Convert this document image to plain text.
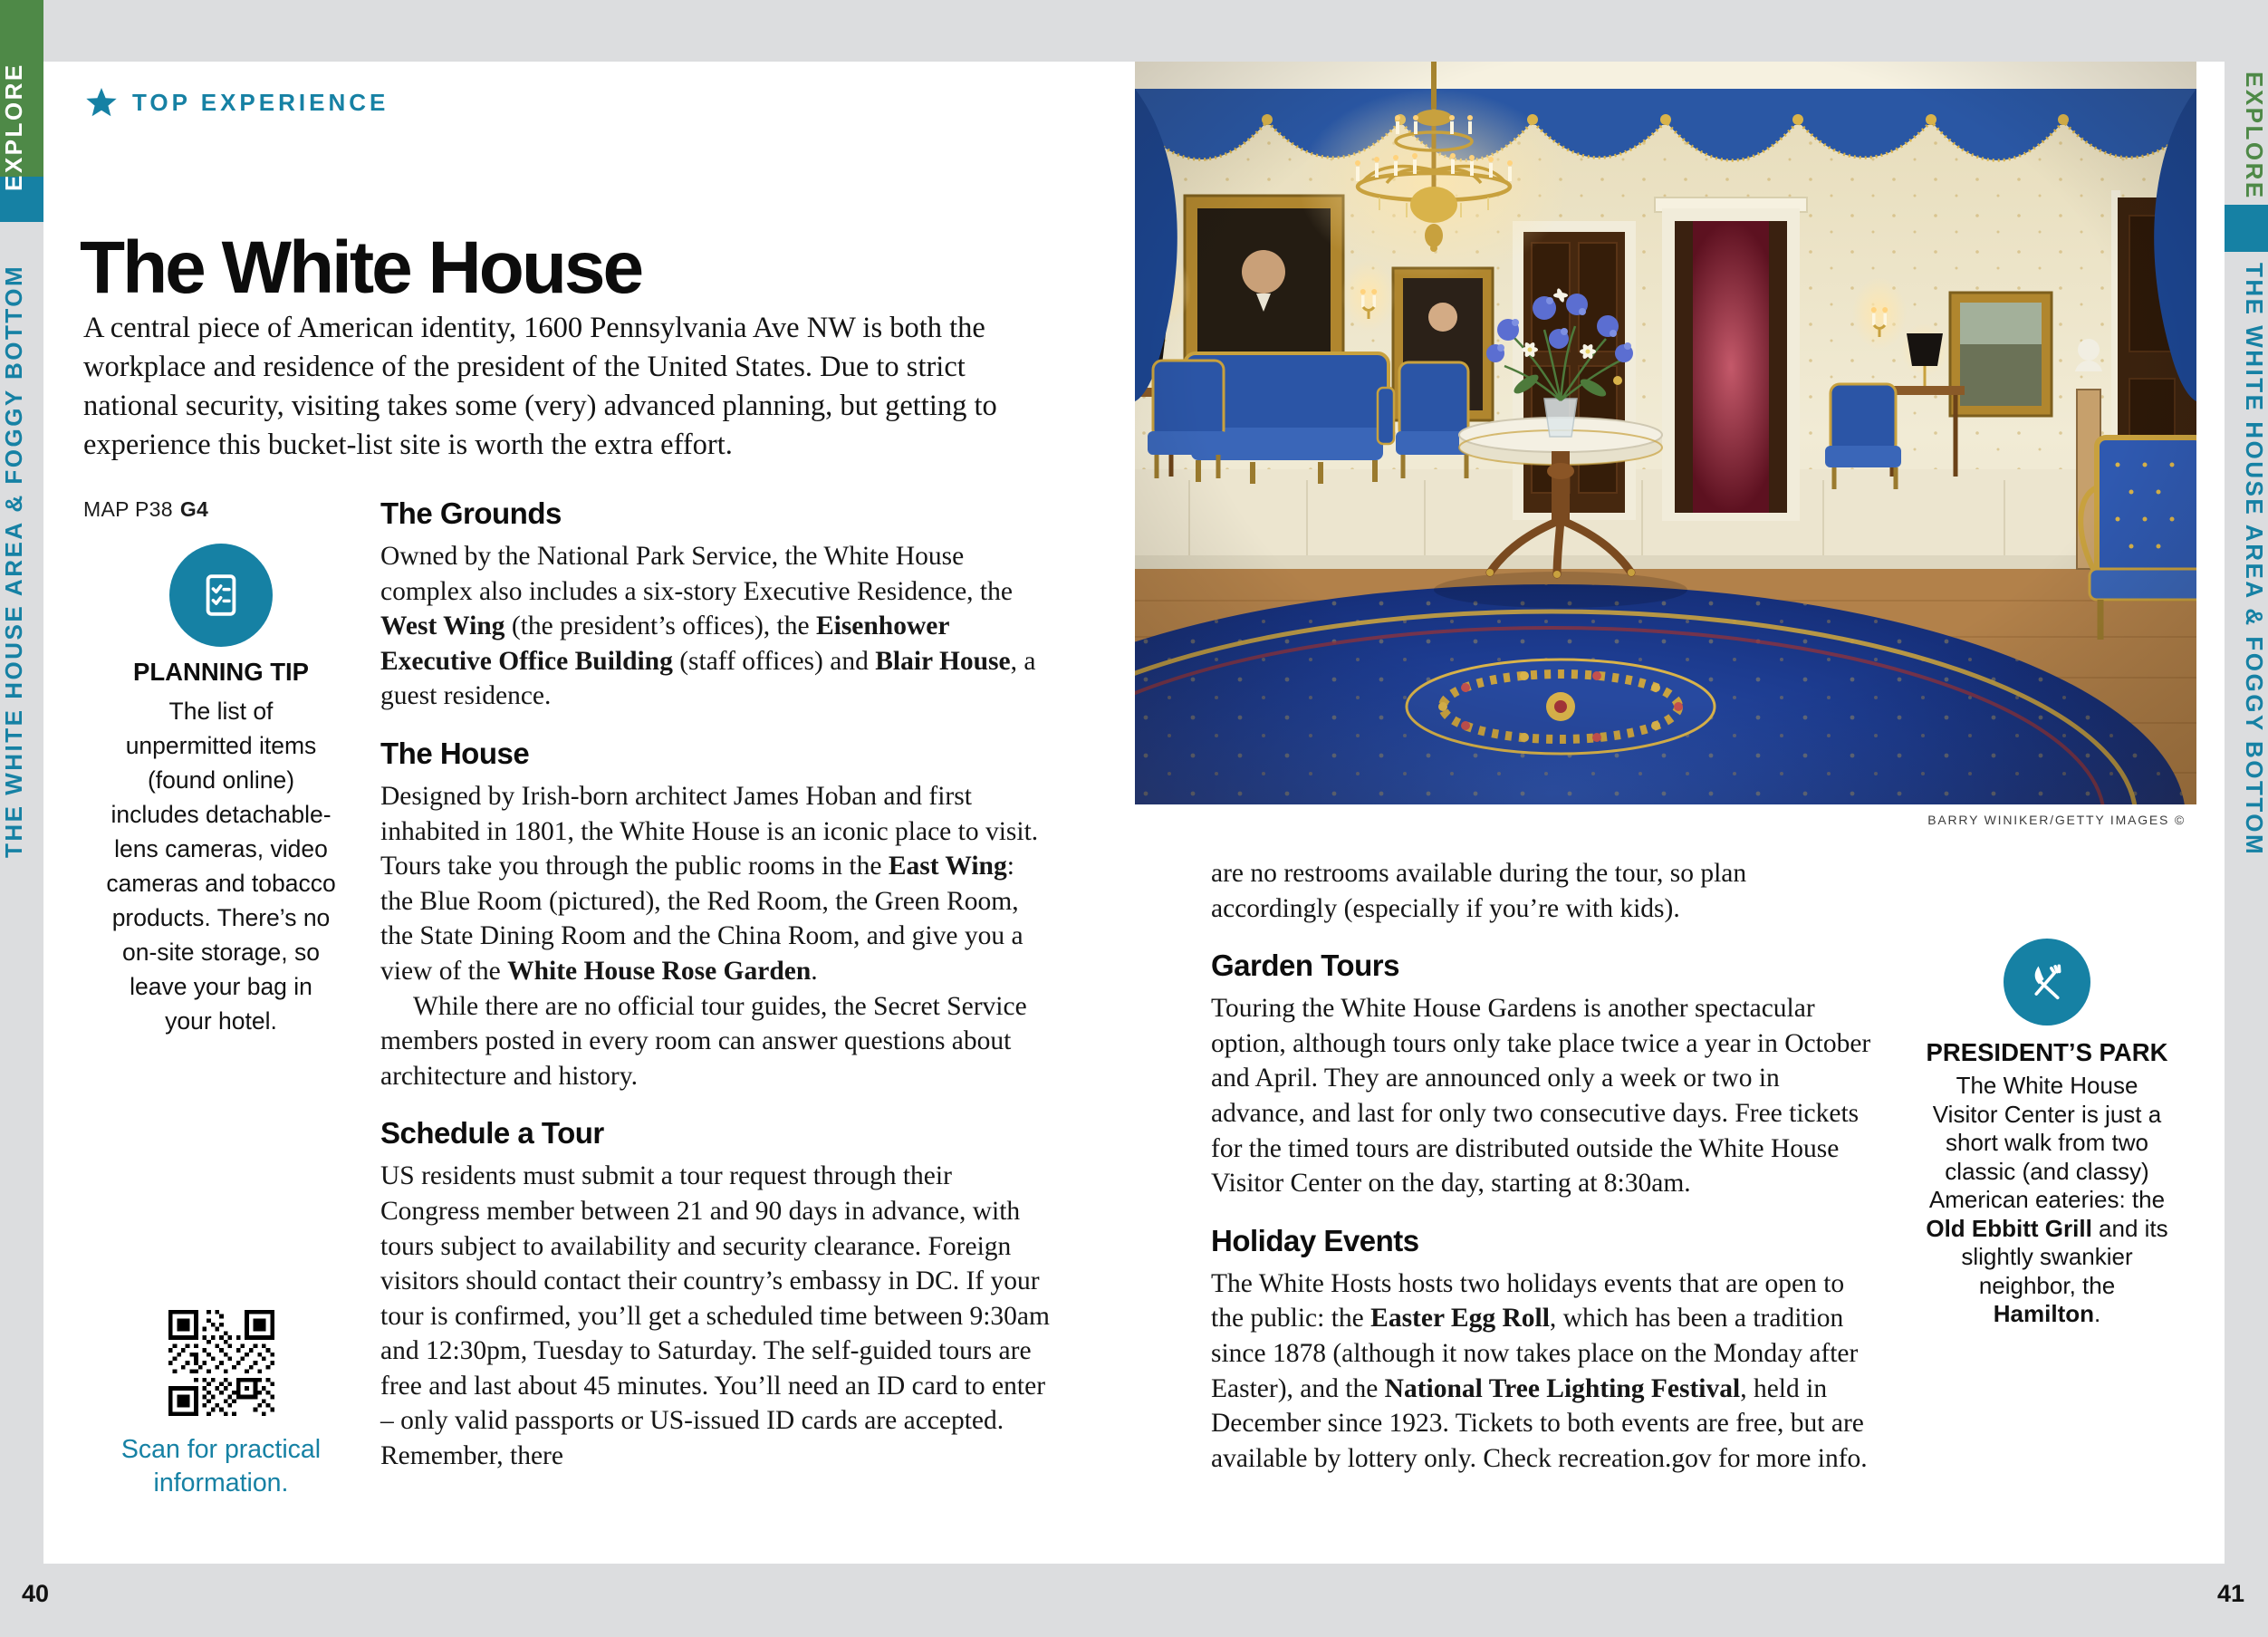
EXPLORE
THE WHITE HOUSE AREA & FOGGY BOTTOM
EXPLORE
THE WHITE HOUSE AREA & FOGGY BOTTOM
40	41
TOP EXPERIENCE
The White House

A central piece of American identity, 1600 Pennsylvania Ave NW is both the workplace and residence of the president of the United States. Due to strict national security, visiting takes some (very) advanced planning, but getting to experience this bucket-list site is worth the extra effort.

MAP P38 G4
PLANNING TIP
The list of unpermitted items (found online) includes detachable-lens cameras, video cameras and tobacco products. There’s no on-site storage, so leave your bag in your hotel.
Scan for practical information.
The Grounds

Owned by the National Park Service, the White House complex also includes a six-story Executive Residence, the West Wing (the president’s offices), the Eisenhower Executive Office Building (staff offices) and Blair House, a guest residence.

The House

Designed by Irish-born architect James Hoban and first inhabited in 1801, the White House is an iconic place to visit. Tours take you through the public rooms in the East Wing: the Blue Room (pictured), the Red Room, the Green Room, the State Dining Room and the China Room, and give you a view of the White House Rose Garden.

While there are no official tour guides, the Secret Service members posted in every room can answer questions about architecture and history.

Schedule a Tour

US residents must submit a tour request through their Congress member between 21 and 90 days in advance, with tours subject to availability and security clearance. Foreign visitors should contact their country’s embassy in DC. If your tour is confirmed, you’ll get a scheduled time between 9:30am and 12:30pm, Tuesday to Saturday. The self-guided tours are free and last about 45 minutes. You’ll need an ID card to enter – only valid passports or US-issued ID cards are accepted. Remember, there

BARRY WINIKER/GETTY IMAGES ©

are no restrooms available during the tour, so plan accordingly (especially if you’re with kids).

Garden Tours

Touring the White House Gardens is another spectacular option, although tours only take place twice a year in October and April. They are announced only a week or two in advance, and last for only two consecutive days. Free tickets for the timed tours are distributed outside the White House Visitor Center on the day, starting at 8:30am.

Holiday Events

The White Hosts hosts two holidays events that are open to the public: the Easter Egg Roll, which has been a tradition since 1878 (although it now takes place on the Monday after Easter), and the National Tree Lighting Festival, held in December since 1923. Tickets to both events are free, but are available by lottery only. Check recreation.gov for more info.

PRESIDENT’S PARK
The White House Visitor Center is just a short walk from two classic (and classy) American eateries: the Old Ebbitt Grill and its slightly swankier neighbor, the Hamilton.
